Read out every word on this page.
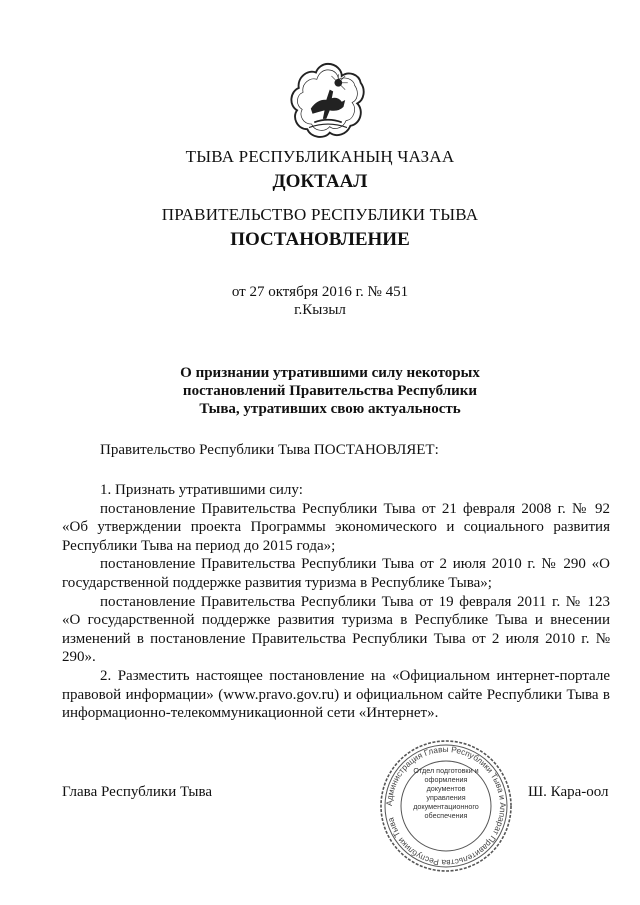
ТЫВА РЕСПУБЛИКАНЫҢ ЧАЗАА
ДОКТААЛ
ПРАВИТЕЛЬСТВО РЕСПУБЛИКИ ТЫВА
ПОСТАНОВЛЕНИЕ
от 27 октября 2016 г. № 451
г.Кызыл
О признании утратившими силу некоторых
постановлений Правительства Республики
Тыва, утративших свою актуальность

Правительство Республики Тыва ПОСТАНОВЛЯЕТ:

1. Признать утратившими силу:

постановление Правительства Республики Тыва от 21 февраля 2008 г. № 92 «Об утверждении проекта Программы экономического и социального развития Республики Тыва на период до 2015 года»;

постановление Правительства Республики Тыва от 2 июля 2010 г. № 290 «О государственной поддержке развития туризма в Республике Тыва»;

постановление Правительства Республики Тыва от 19 февраля 2011 г. № 123 «О государственной поддержке развития туризма в Республике Тыва и внесении изменений в постановление Правительства Республики Тыва от 2 июля 2010 г. № 290».

2. Разместить настоящее постановление на «Официальном интернет-портале правовой информации» (www.pravo.gov.ru) и официальном сайте Республики Тыва в информационно-телекоммуникационной сети «Интернет».

Глава Республики Тыва	Ш. Кара-оол
Администрация Главы Республики Тыва и Аппарат Правительства Республики Тыва
Отдел подготовки и оформления документов управления документационного обеспечения
